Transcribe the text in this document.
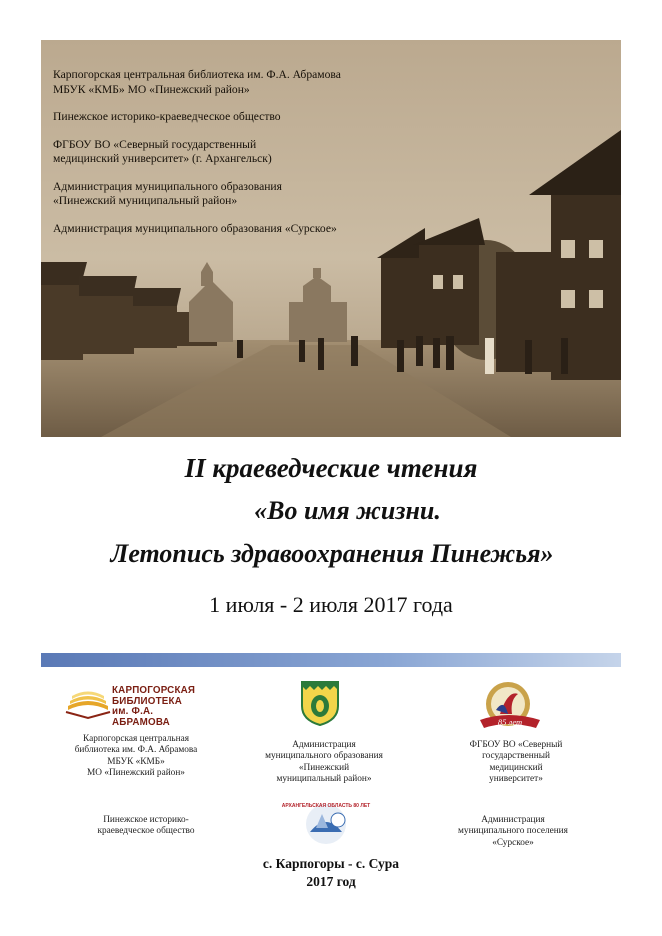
Карпогорская центральная библиотека им. Ф.А. Абрамова
МБУК «КМБ» МО «Пинежский район»

Пинежское историко-краеведческое общество

ФГБОУ ВО «Северный государственный
медицинский университет» (г. Архангельск)

Администрация муниципального образования
«Пинежский муниципальный район»

Администрация муниципального образования «Сурское»

II краеведческие чтения
«Во имя жизни.
Летопись здравоохранения Пинежья»
1 июля - 2 июля 2017 года
КАРПОГОРСКАЯ
БИБЛИОТЕКА
им. Ф.А. АБРАМОВА	85 лет
АРХАНГЕЛЬСКАЯ ОБЛАСТЬ 80 ЛЕТ
Карпогорская центральная
библиотека им. Ф.А. Абрамова
МБУК «КМБ»
МО «Пинежский район»
Администрация
муниципального образования
«Пинежский
муниципальный район»
ФГБОУ ВО «Северный
государственный
медицинский
университет»
Пинежское историко-
краеведческое общество
Администрация
муниципального поселения
«Сурское»
с. Карпогоры - с. Сура
2017 год
